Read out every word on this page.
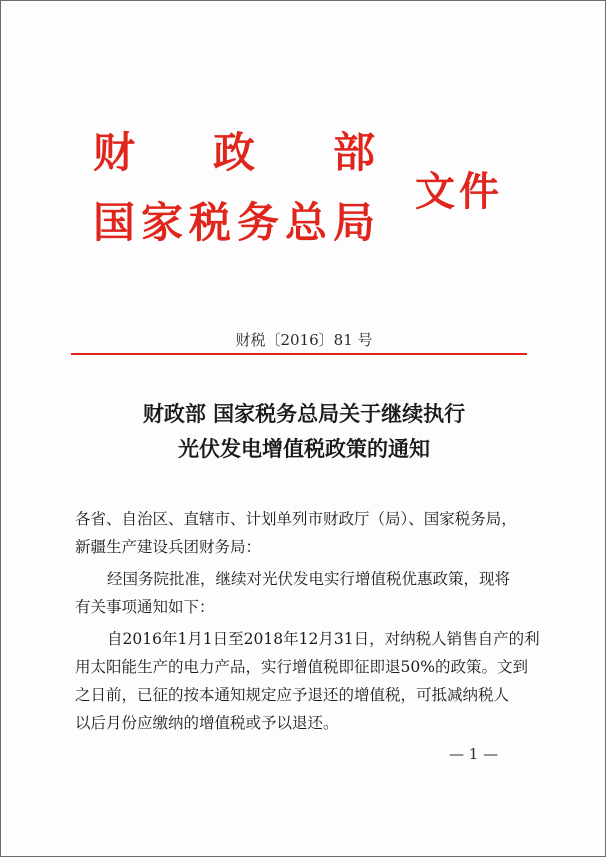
财政部
国家税务总局
文件
财税〔2016〕81 号
财政部 国家税务总局关于继续执行
光伏发电增值税政策的通知
各省、自治区、直辖市、计划单列市财政厅（局）、国家税务局，
新疆生产建设兵团财务局：
经国务院批准，继续对光伏发电实行增值税优惠政策，现将
有关事项通知如下：
自2016年1月1日至2018年12月31日，对纳税人销售自产的利
用太阳能生产的电力产品，实行增值税即征即退50%的政策。文到
之日前，已征的按本通知规定应予退还的增值税，可抵减纳税人
以后月份应缴纳的增值税或予以退还。
— 1 —
